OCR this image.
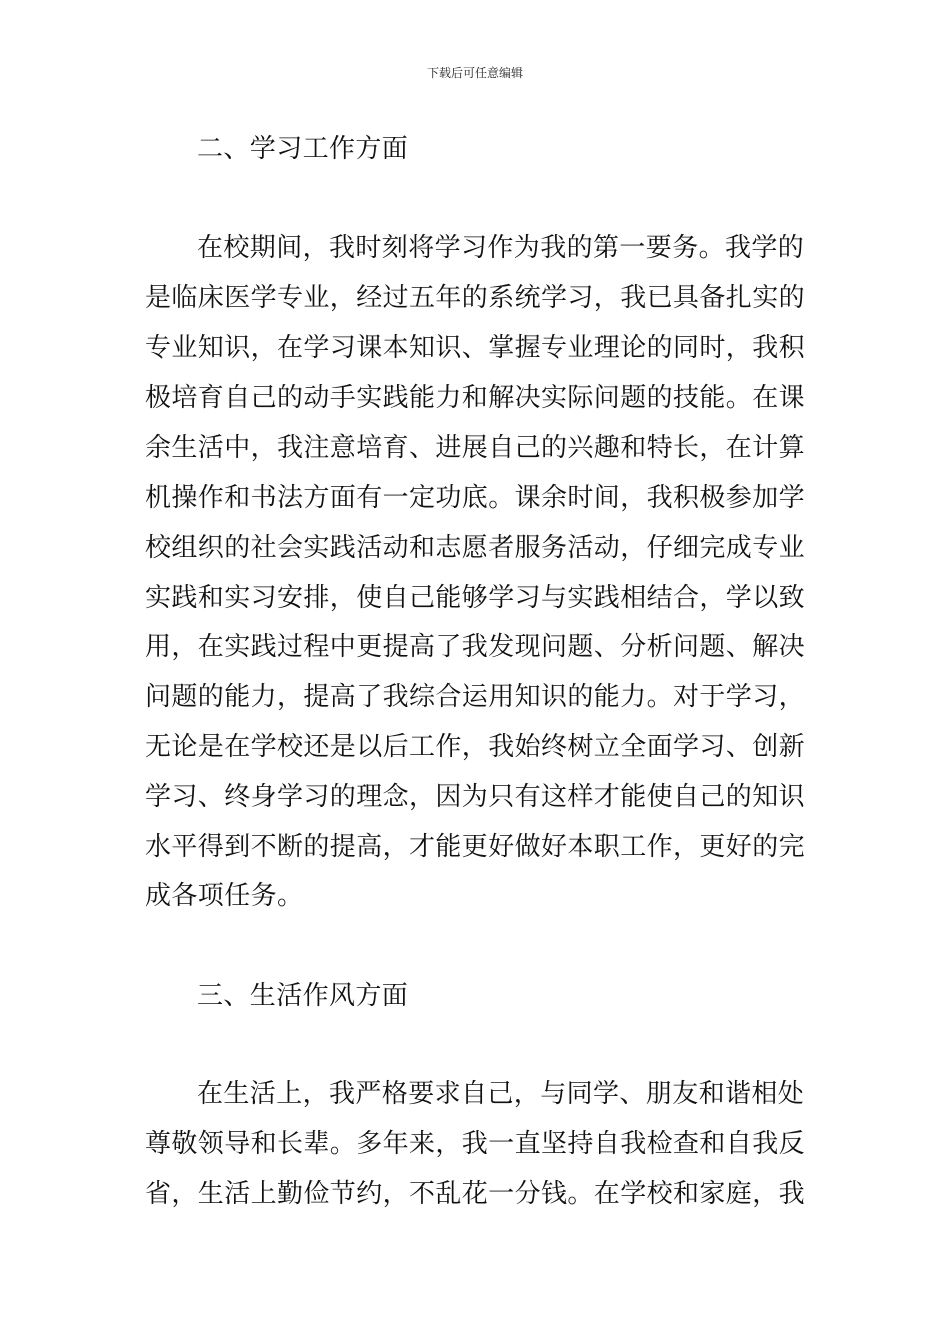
下载后可任意编辑
二、学习工作方面
在校期间，我时刻将学习作为我的第一要务。我学的
是临床医学专业，经过五年的系统学习，我已具备扎实的
专业知识，在学习课本知识、掌握专业理论的同时，我积
极培育自己的动手实践能力和解决实际问题的技能。在课
余生活中，我注意培育、进展自己的兴趣和特长，在计算
机操作和书法方面有一定功底。课余时间，我积极参加学
校组织的社会实践活动和志愿者服务活动，仔细完成专业
实践和实习安排，使自己能够学习与实践相结合，学以致
用，在实践过程中更提高了我发现问题、分析问题、解决
问题的能力，提高了我综合运用知识的能力。对于学习，
无论是在学校还是以后工作，我始终树立全面学习、创新
学习、终身学习的理念，因为只有这样才能使自己的知识
水平得到不断的提高，才能更好做好本职工作，更好的完
成各项任务。
三、生活作风方面
在生活上，我严格要求自己，与同学、朋友和谐相处
尊敬领导和长辈。多年来，我一直坚持自我检查和自我反
省，生活上勤俭节约，不乱花一分钱。在学校和家庭，我
